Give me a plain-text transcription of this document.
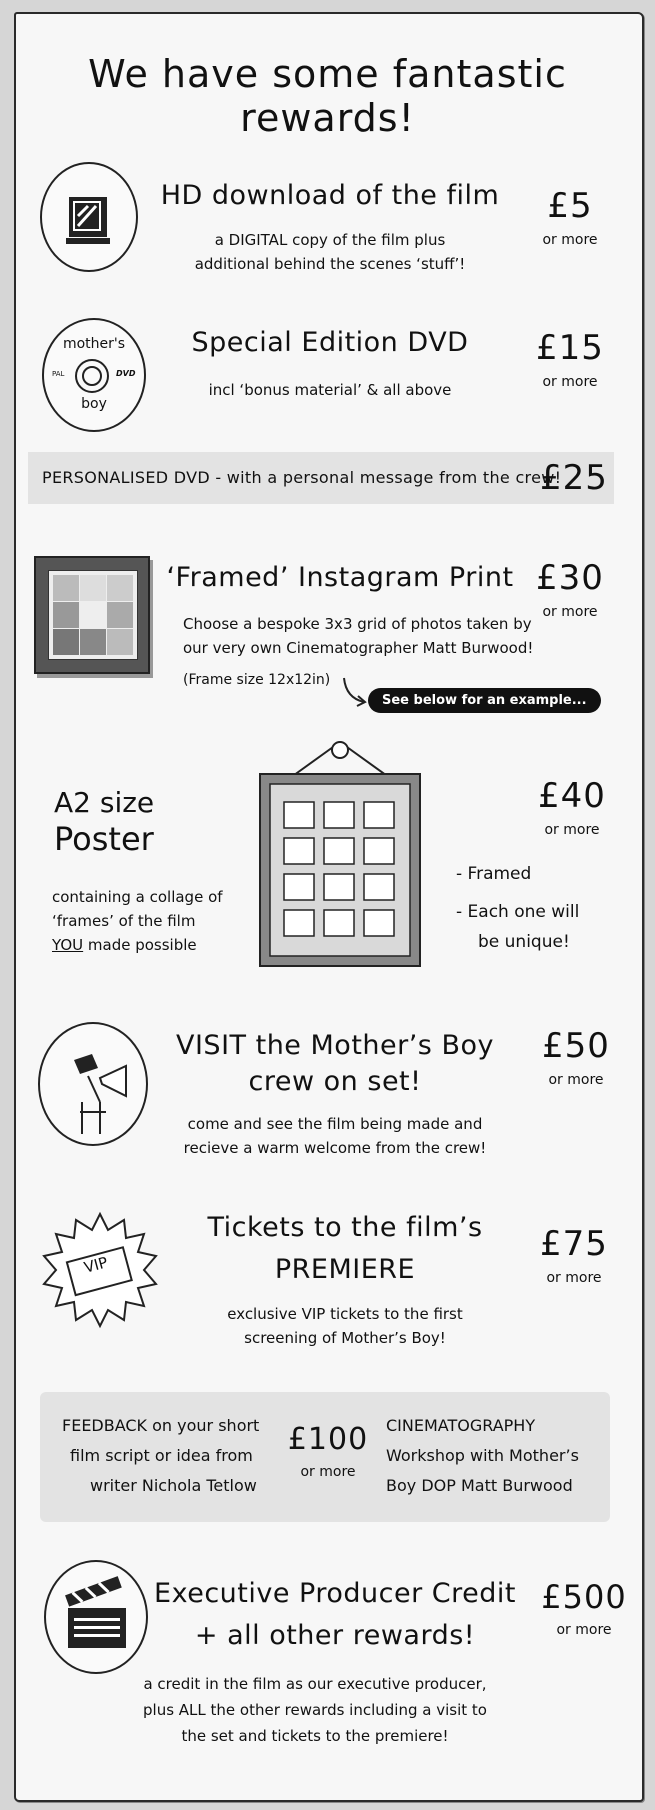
We have some fantastic rewards!
HD download of the film
a DIGITAL copy of the film plus
additional behind the scenes ‘stuff’!
£5
or more
mother's
boy
PAL	DVD
Special Edition DVD
incl ‘bonus material’ & all above
£15
or more
PERSONALISED DVD - with a personal message from the crew!
£25
‘Framed’ Instagram Print
Choose a bespoke 3x3 grid of photos taken by
our very own Cinematographer Matt Burwood!
(Frame size 12x12in)
See below for an example...
£30
or more
A2 size
Poster
containing a collage of
‘frames’ of the film
YOU made possible
- Framed
- Each one will
be unique!
£40
or more
VISIT the Mother’s Boy
crew on set!
come and see the film being made and
recieve a warm welcome from the crew!
£50
or more
VIP
Tickets to the film’s
PREMIERE
exclusive VIP tickets to the first
screening of Mother’s Boy!
£75
or more
FEEDBACK on your short
film script or idea from
writer Nichola Tetlow
£100
or more
CINEMATOGRAPHY
Workshop with Mother’s
Boy DOP Matt Burwood
Executive Producer Credit
+ all other rewards!
a credit in the film as our executive producer,
plus ALL the other rewards including a visit to
the set and tickets to the premiere!
£500
or more
